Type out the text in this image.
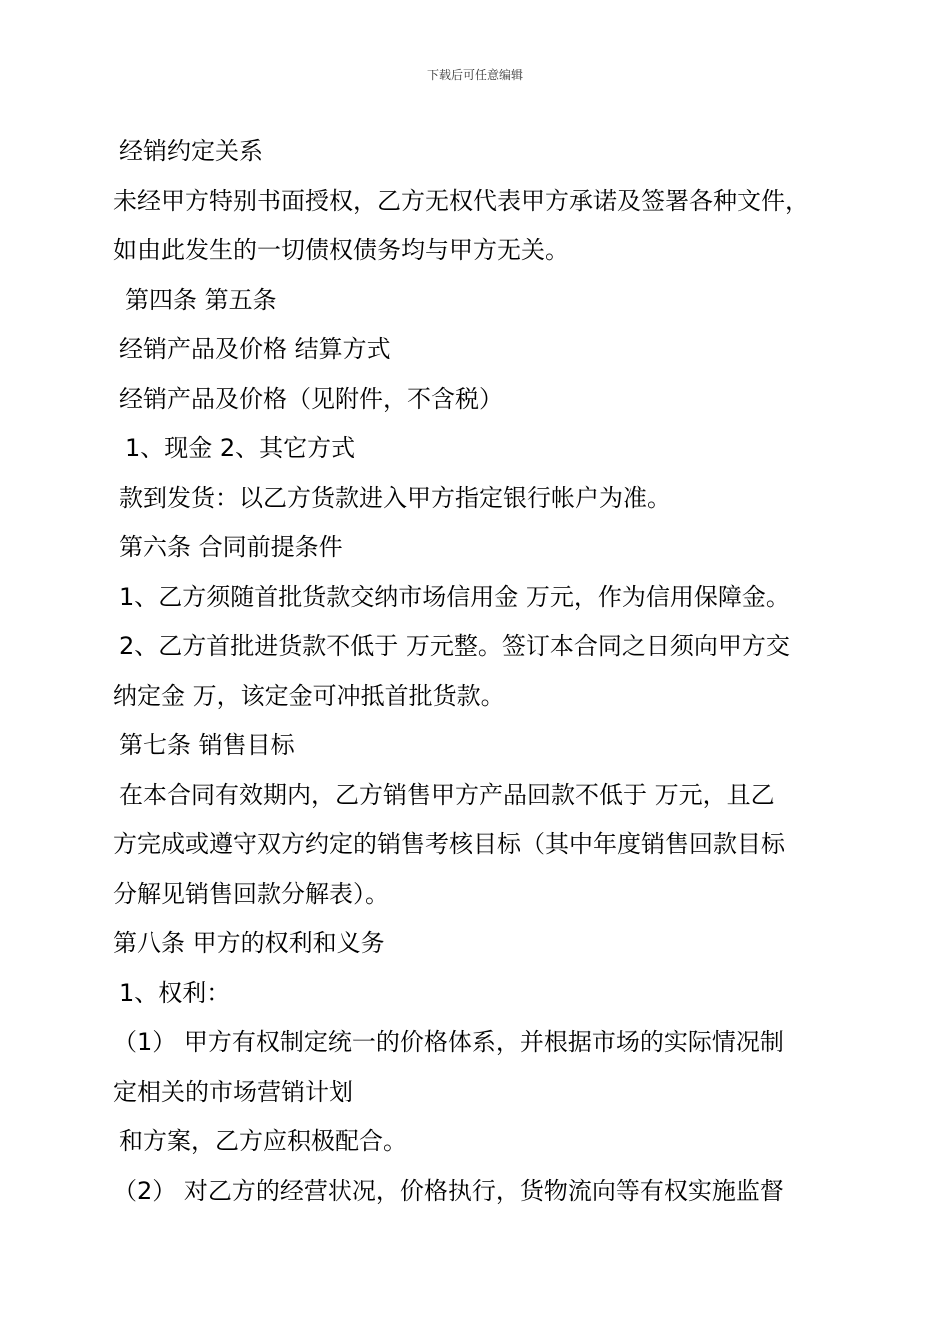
下载后可任意编辑
经销约定关系
未经甲方特别书面授权，乙方无权代表甲方承诺及签署各种文件，
如由此发生的一切债权债务均与甲方无关。
第四条 第五条
经销产品及价格 结算方式
经销产品及价格（见附件，不含税）
1、现金 2、其它方式
款到发货：以乙方货款进入甲方指定银行帐户为准。
第六条 合同前提条件
1、乙方须随首批货款交纳市场信用金 万元，作为信用保障金。
2、乙方首批进货款不低于 万元整。签订本合同之日须向甲方交
纳定金 万，该定金可冲抵首批货款。
第七条 销售目标
在本合同有效期内，乙方销售甲方产品回款不低于 万元，且乙
方完成或遵守双方约定的销售考核目标（其中年度销售回款目标
分解见销售回款分解表）。
第八条 甲方的权利和义务
1、权利：
（1） 甲方有权制定统一的价格体系，并根据市场的实际情况制
定相关的市场营销计划
和方案，乙方应积极配合。
（2） 对乙方的经营状况，价格执行，货物流向等有权实施监督
